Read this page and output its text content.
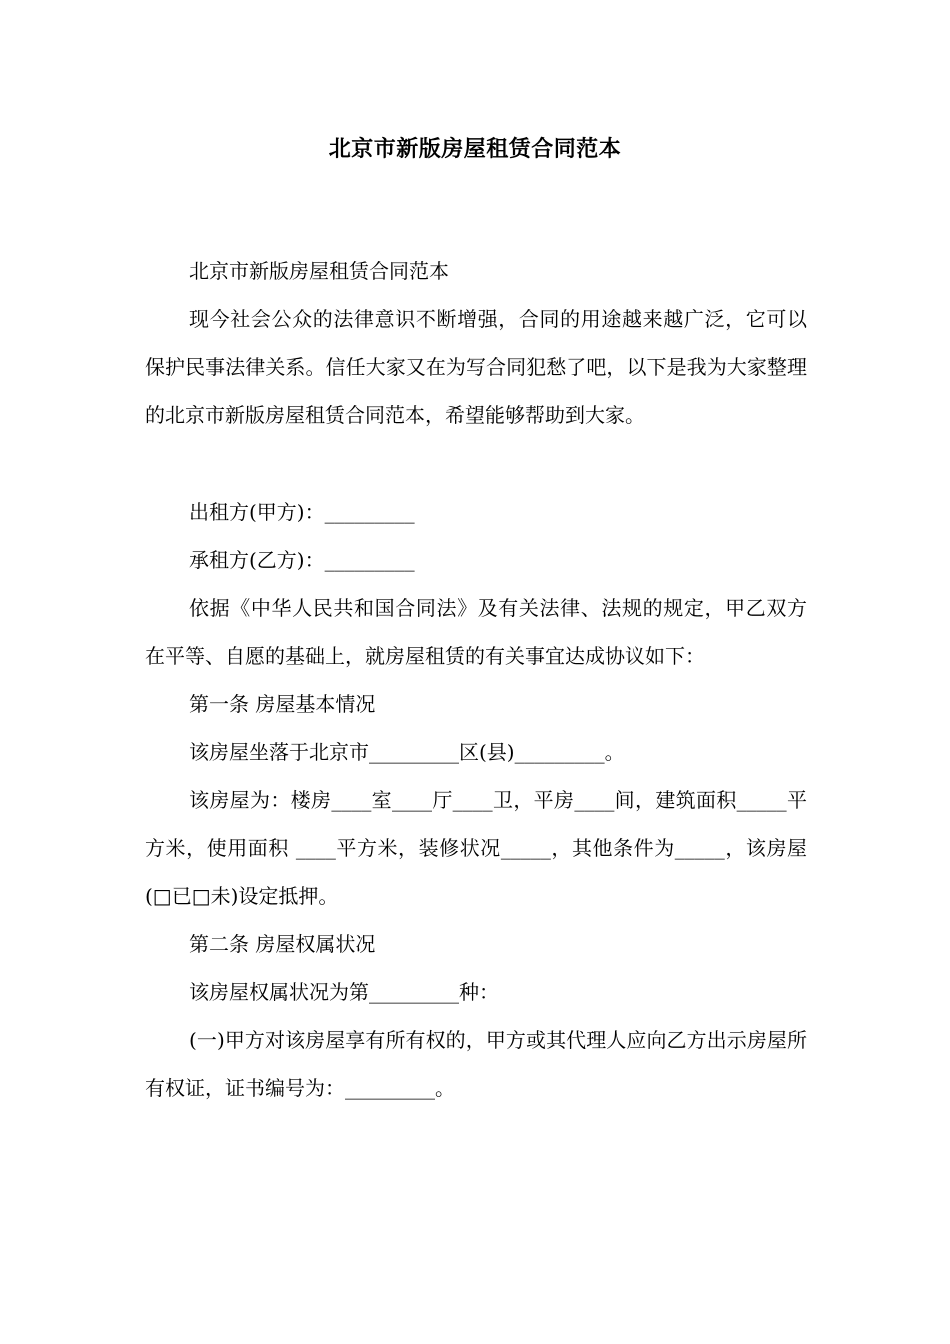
北京市新版房屋租赁合同范本

北京市新版房屋租赁合同范本

现今社会公众的法律意识不断增强，合同的用途越来越广泛，它可以保护民事法律关系。信任大家又在为写合同犯愁了吧，以下是我为大家整理的北京市新版房屋租赁合同范本，希望能够帮助到大家。

出租方(甲方)：_________

承租方(乙方)：_________

依据《中华人民共和国合同法》及有关法律、法规的规定，甲乙双方在平等、自愿的基础上，就房屋租赁的有关事宜达成协议如下：

第一条 房屋基本情况

该房屋坐落于北京市_________区(县)_________。

该房屋为：楼房____室____厅____卫，平房____间，建筑面积_____平方米，使用面积 ____平方米，装修状况_____，其他条件为_____，该房屋(□已□未)设定抵押。

第二条 房屋权属状况

该房屋权属状况为第_________种：

(一)甲方对该房屋享有所有权的，甲方或其代理人应向乙方出示房屋所有权证，证书编号为：_________。
